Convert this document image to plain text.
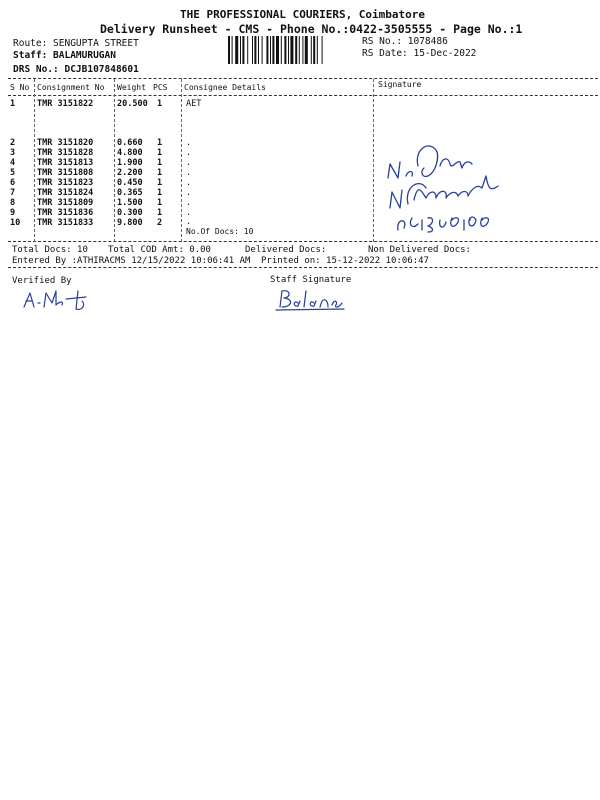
THE PROFESSIONAL COURIERS, Coimbatore
Delivery Runsheet - CMS - Phone No.:0422-3505555 - Page No.:1
Route: SENGUPTA STREET
Staff: BALAMURUGAN
DRS No.: DCJB107848601
RS No.: 1078486
RS Date: 15-Dec-2022
S No Consignment No Weight PCS Consignee Details	Signature
1	TMR 3151822	20.500 1	AET
2	TMR 3151820	0.660 1	.
3	TMR 3151828	4.800 1	.
4	TMR 3151813	1.900 1	.
5	TMR 3151808	2.200 1	.
6	TMR 3151823	0.450 1	.
7	TMR 3151824	0.365 1	.
8	TMR 3151809	1.500 1	.
9	TMR 3151836	0.300 1	.
10 TMR 3151833	9.800 2	.
No.Of Docs: 10
Total Docs: 10 Total COD Amt: 0.00	Delivered Docs:	Non Delivered Docs:
Entered By :ATHIRACMS 12/15/2022 10:06:41 AM Printed on: 15-12-2022 10:06:47
Verified By	Staff Signature
